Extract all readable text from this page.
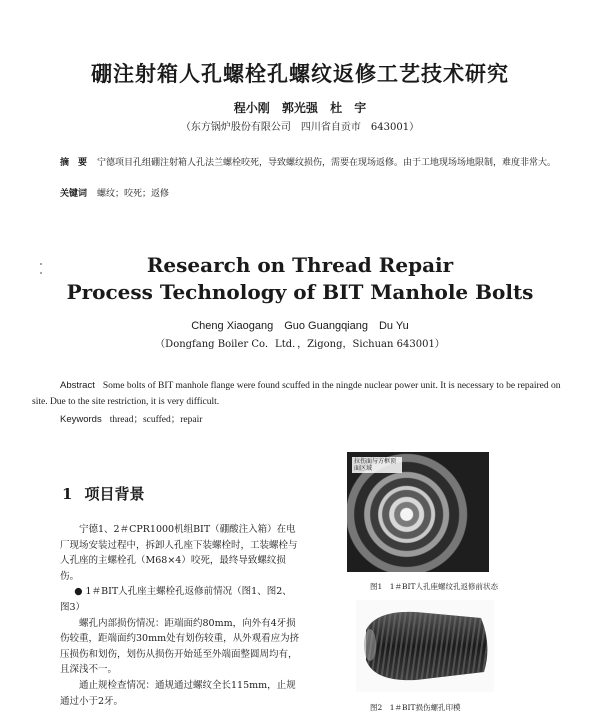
硼注射箱人孔螺栓孔螺纹返修工艺技术研究
程小刚 郭光强 杜 宇
（东方锅炉股份有限公司　四川省自贡市　643001）
摘　要 宁德项目孔组硼注射箱人孔法兰螺栓咬死，导致螺纹损伤，需要在现场返修。由于工地现场场地限制，难度非常大。
关键词 螺纹；咬死；返修
Research on Thread Repair
Process Technology of BIT Manhole Bolts
Cheng Xiaogang　Guo Guangqiang　Du Yu
（Dongfang Boiler Co．Ltd．，Zigong，Sichuan 643001）
Abstract Some bolts of BIT manhole flange were found scuffed in the ningde nuclear power unit. It is necessary to be repaired on site. Due to the site restriction, it is very difficult.
Keywords thread；scuffed；repair
1 项目背景

宁德1、2＃CPR1000机组BIT（硼酸注入箱）在电厂现场安装过程中，拆卸人孔座下装螺栓时，工装螺栓与人孔座的主螺栓孔（M68×4）咬死，最终导致螺纹损伤。

● 1＃BIT人孔座主螺栓孔返修前情况（图1、图2、图3）

螺孔内部损伤情况：距端面约80mm，向外有4牙损伤较重，距端面约30mm处有划伤较重，从外观看应为挤压损伤和划伤，划伤从损伤开始延至外端面整圆周均有，且深浅不一。

通止规检查情况：通规通过螺纹全长115mm，止规通过小于2牙。

拉伤面与方框顶面区域
图1　1＃BIT人孔座螺纹孔返修前状态
图2　1＃BIT损伤螺孔印模
